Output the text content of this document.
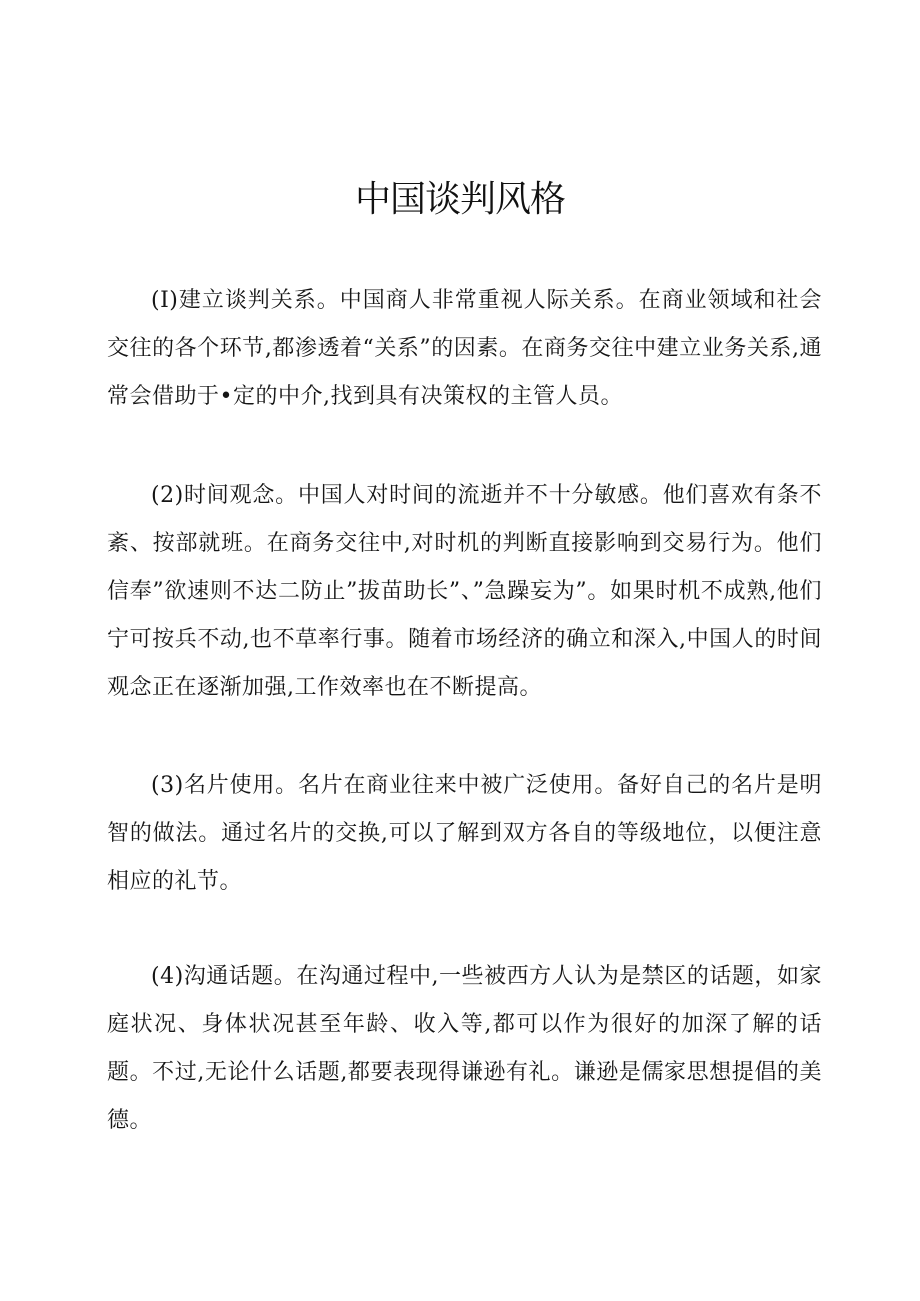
中国谈判风格
(I)建立谈判关系。中国商人非常重视人际关系。在商业领域和社会交往的各个环节,都渗透着“关系”的因素。在商务交往中建立业务关系,通常会借助于•定的中介,找到具有决策权的主管人员。
(2)时间观念。中国人对时间的流逝并不十分敏感。他们喜欢有条不紊、按部就班。在商务交往中,对时机的判断直接影响到交易行为。他们信奉”欲速则不达二防止”拔苗助长”、”急躁妄为”。如果时机不成熟,他们宁可按兵不动,也不草率行事。随着市场经济的确立和深入,中国人的时间观念正在逐渐加强,工作效率也在不断提高。
(3)名片使用。名片在商业往来中被广泛使用。备好自己的名片是明智的做法。通过名片的交换,可以了解到双方各自的等级地位，以便注意相应的礼节。
(4)沟通话题。在沟通过程中,一些被西方人认为是禁区的话题，如家庭状况、身体状况甚至年龄、收入等,都可以作为很好的加深了解的话题。不过,无论什么话题,都要表现得谦逊有礼。谦逊是儒家思想提倡的美德。
